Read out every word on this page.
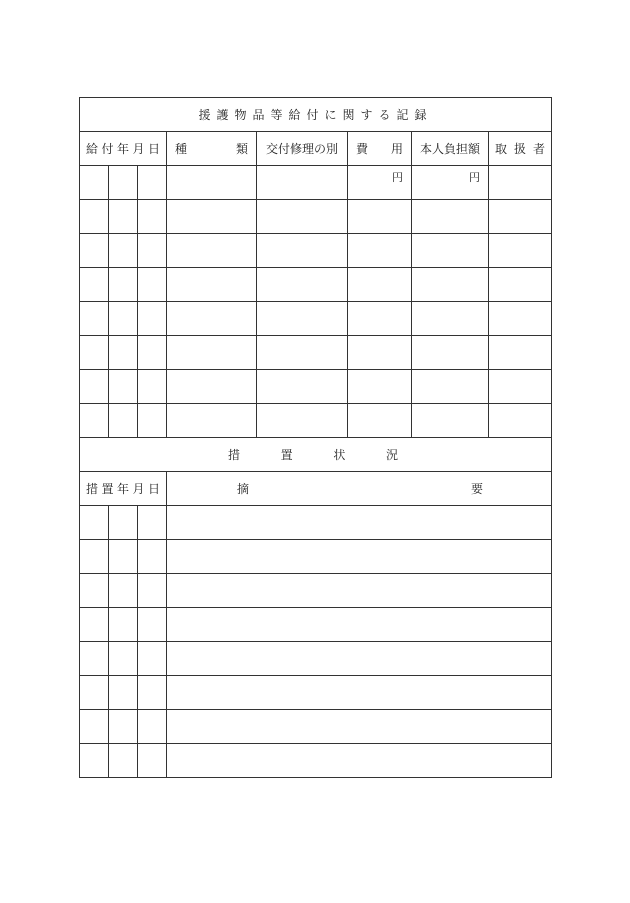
援護物品等給付に関する記録							

給 付 年 月 日			種 類	交付修理の別	費 用	本人負担額	取 扱 者

					円	円	

措 置 状 況							

措 置 年 月 日			摘 要				
